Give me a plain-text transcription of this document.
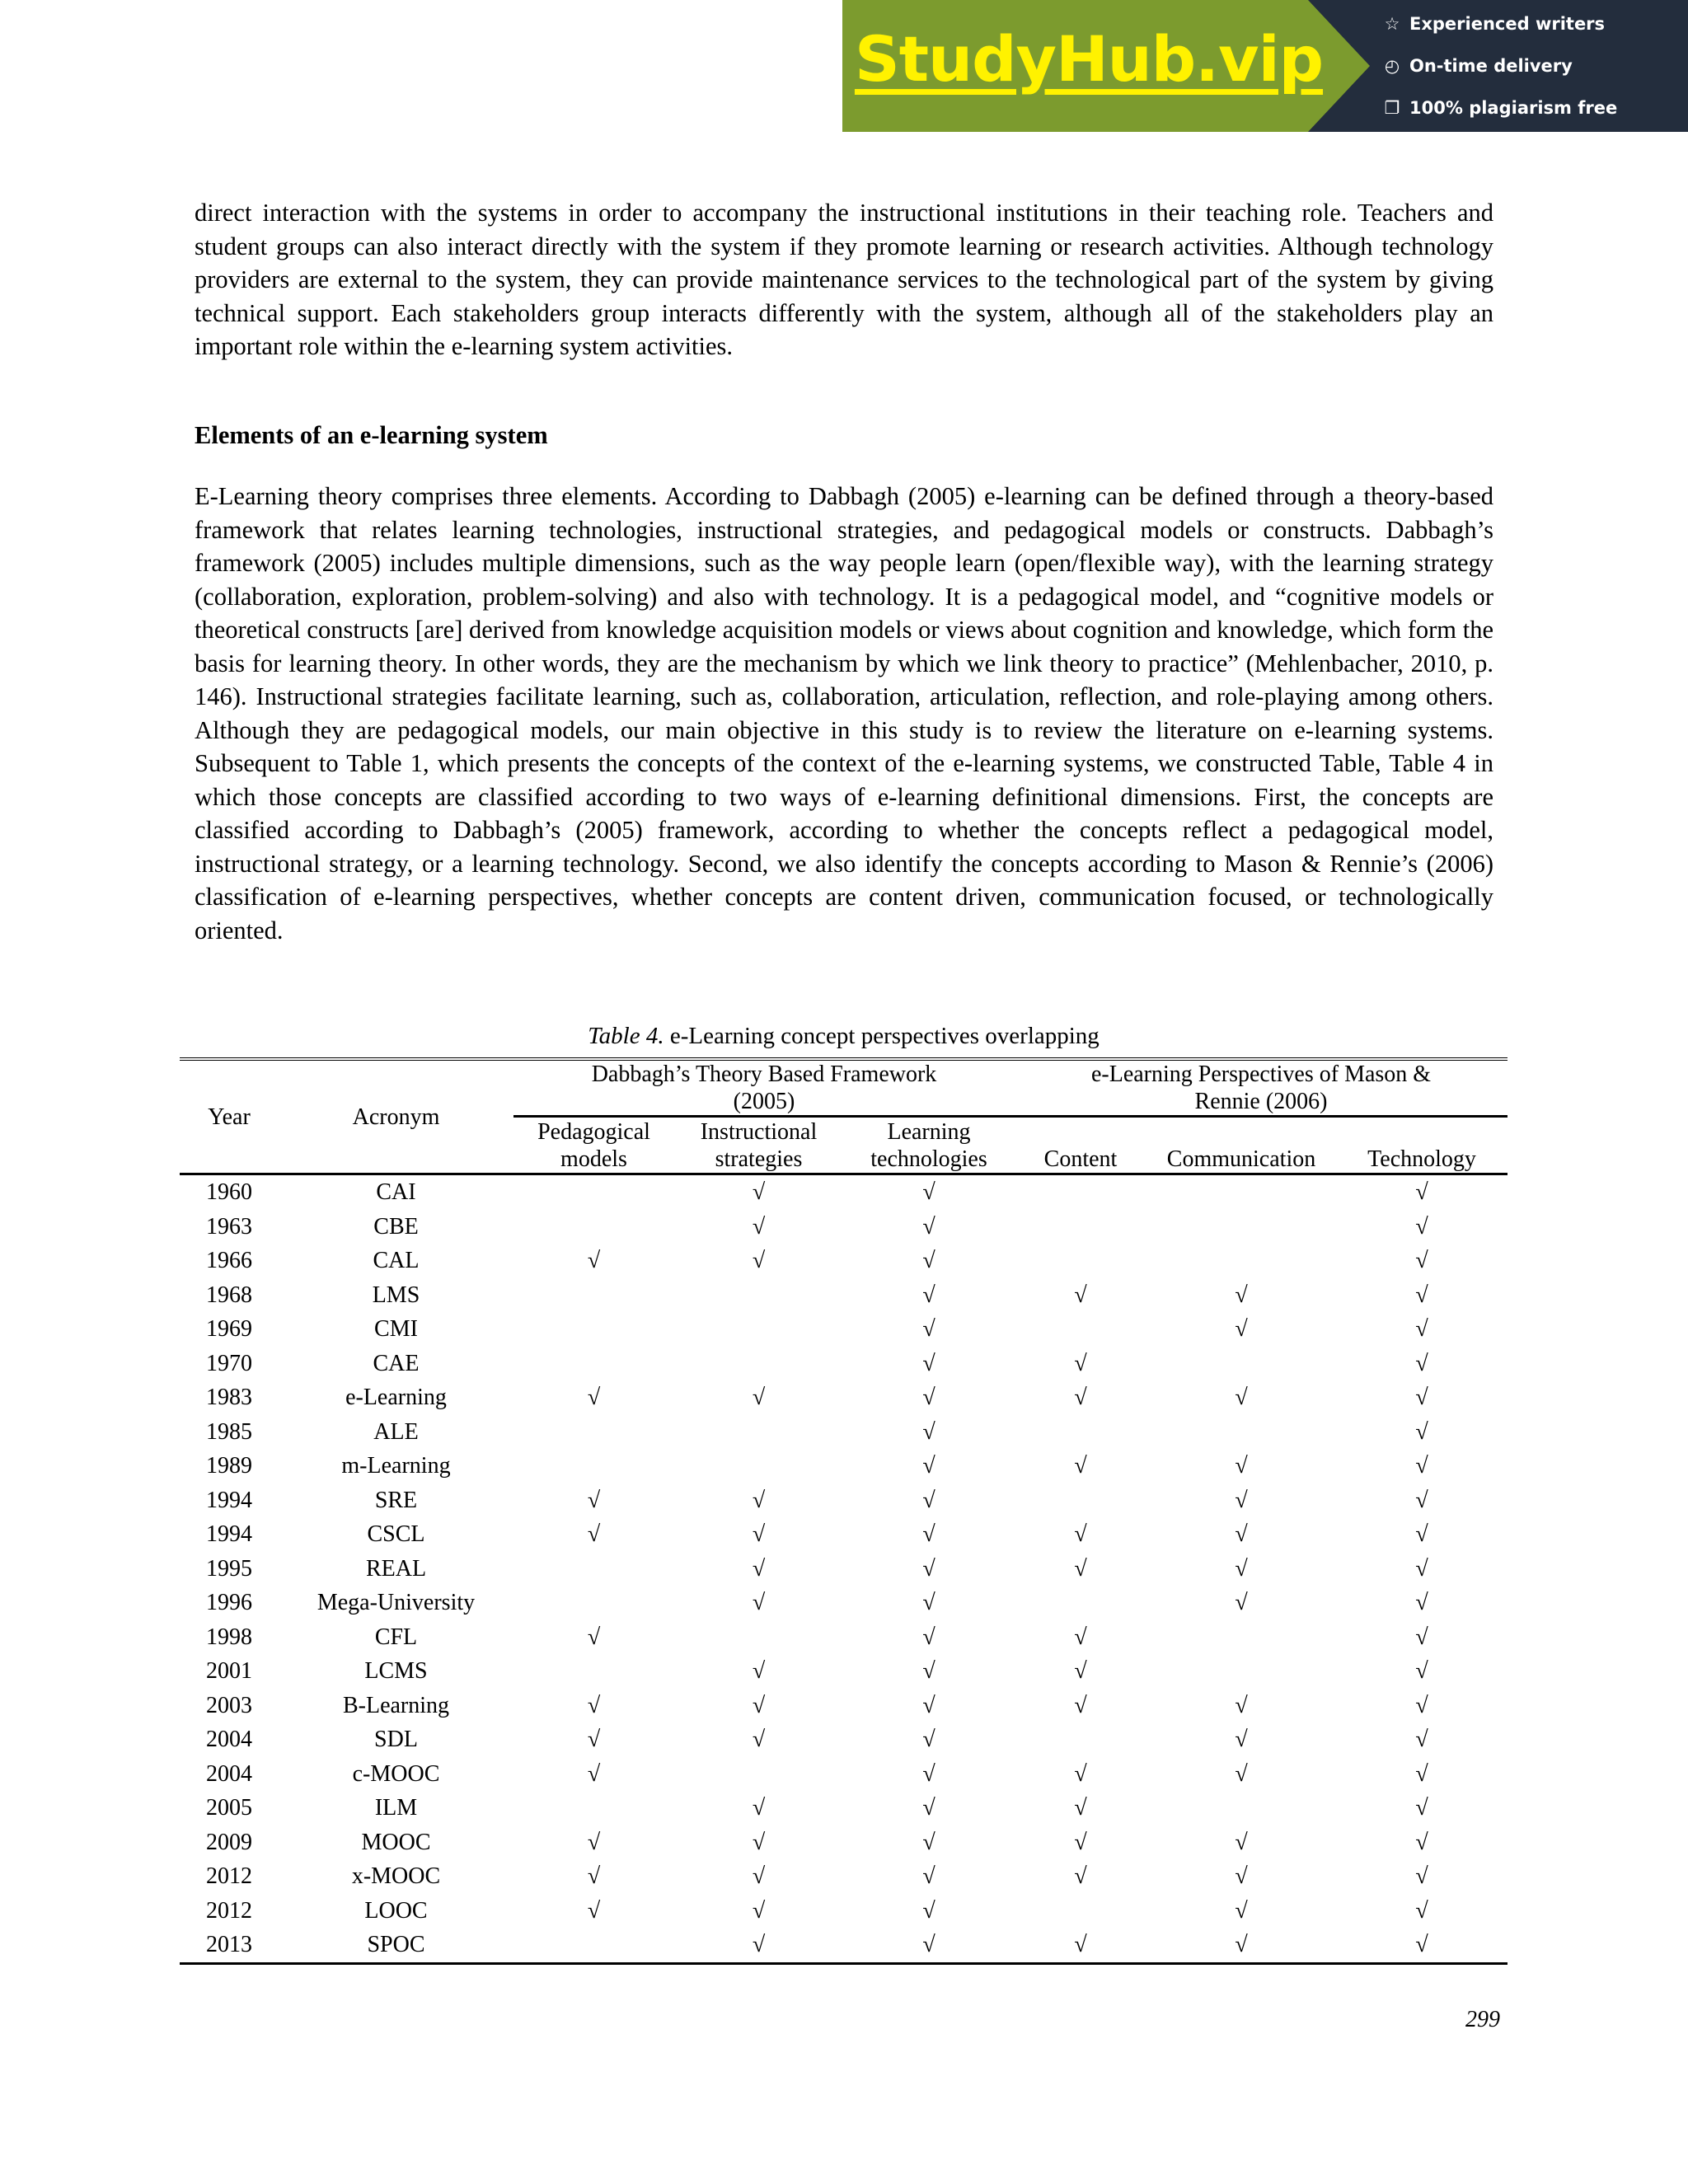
StudyHub.vip	☆ Experienced writers
◴ On-time delivery
❐ 100% plagiarism free

direct interaction with the systems in order to accompany the instructional institutions in their teaching role. Teachers and student groups can also interact directly with the system if they promote learning or research activities. Although technology providers are external to the system, they can provide maintenance services to the technological part of the system by giving technical support. Each stakeholders group interacts differently with the system, although all of the stakeholders play an important role within the e-learning system activities.

Elements of an e-learning system

E-Learning theory comprises three elements. According to Dabbagh (2005) e-learning can be defined through a theory-based framework that relates learning technologies, instructional strategies, and pedagogical models or constructs. Dabbagh’s framework (2005) includes multiple dimensions, such as the way people learn (open/flexible way), with the learning strategy (collaboration, exploration, problem-solving) and also with technology. It is a pedagogical model, and “cognitive models or theoretical constructs [are] derived from knowledge acquisition models or views about cognition and knowledge, which form the basis for learning theory. In other words, they are the mechanism by which we link theory to practice” (Mehlenbacher, 2010, p. 146). Instructional strategies facilitate learning, such as, collaboration, articulation, reflection, and role-playing among others. Although they are pedagogical models, our main objective in this study is to review the literature on e-learning systems. Subsequent to Table 1, which presents the concepts of the context of the e-learning systems, we constructed Table, Table 4 in which those concepts are classified according to two ways of e-learning definitional dimensions. First, the concepts are classified according to Dabbagh’s (2005) framework, according to whether the concepts reflect a pedagogical model, instructional strategy, or a learning technology. Second, we also identify the concepts according to Mason & Rennie’s (2006) classification of e-learning perspectives, whether concepts are content driven, communication focused, or technologically oriented.

Table 4. e-Learning concept perspectives overlapping
Year	Acronym	
Dabbagh’s Theory Based Framework
(2005)

e-Learning Perspectives of Mason &
Rennie (2006)

Pedagogical
models

Instructional
strategies

Learning
technologies	Content	Communication	Technology
1960	CAI		√	√			√
1963	CBE		√	√			√
1966	CAL	√	√	√			√
1968	LMS			√	√	√	√
1969	CMI			√		√	√
1970	CAE			√	√		√
1983	e-Learning	√	√	√	√	√	√
1985	ALE			√			√
1989	m-Learning			√	√	√	√
1994	SRE	√	√	√		√	√
1994	CSCL	√	√	√	√	√	√
1995	REAL		√	√	√	√	√
1996	Mega-University		√	√		√	√
1998	CFL	√		√	√		√
2001	LCMS		√	√	√		√
2003	B-Learning	√	√	√	√	√	√
2004	SDL	√	√	√		√	√
2004	c-MOOC	√		√	√	√	√
2005	ILM		√	√	√		√
2009	MOOC	√	√	√	√	√	√
2012	x-MOOC	√	√	√	√	√	√
2012	LOOC	√	√	√		√	√
2013	SPOC		√	√	√	√	√
299
